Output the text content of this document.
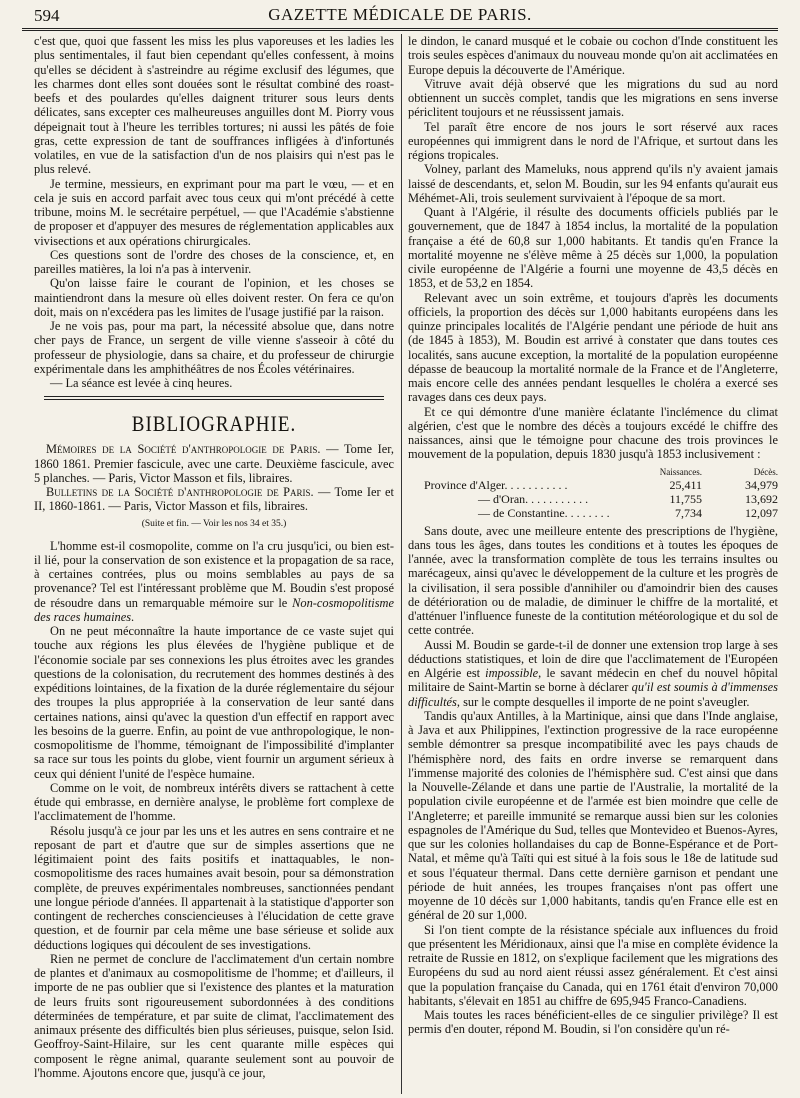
594	GAZETTE MÉDICALE DE PARIS.

c'est que, quoi que fassent les miss les plus vaporeuses et les ladies les plus sentimentales, il faut bien cependant qu'elles confessent, à moins qu'elles se décident à s'astreindre au régime exclusif des légumes, que les charmes dont elles sont douées sont le résultat combiné des roast-beefs et des poulardes qu'elles daignent triturer sous leurs dents délicates, sans excepter ces malheureuses anguilles dont M. Piorry vous dépeignait tout à l'heure les terribles tortures; ni aussi les pâtés de foie gras, cette expression de tant de souffrances infligées à d'infortunés volatiles, en vue de la satisfaction d'un de nos plaisirs qui n'est pas le plus relevé.

Je termine, messieurs, en exprimant pour ma part le vœu, — et en cela je suis en accord parfait avec tous ceux qui m'ont précédé à cette tribune, moins M. le secrétaire perpétuel, — que l'Académie s'abstienne de proposer et d'appuyer des mesures de réglementation applicables aux vivisections et aux opérations chirurgicales.

Ces questions sont de l'ordre des choses de la conscience, et, en pareilles matières, la loi n'a pas à intervenir.

Qu'on laisse faire le courant de l'opinion, et les choses se maintiendront dans la mesure où elles doivent rester. On fera ce qu'on doit, mais on n'excédera pas les limites de l'usage justifié par la raison.

Je ne vois pas, pour ma part, la nécessité absolue que, dans notre cher pays de France, un sergent de ville vienne s'asseoir à côté du professeur de physiologie, dans sa chaire, et du professeur de chirurgie expérimentale dans les amphithéâtres de nos Écoles vétérinaires.

— La séance est levée à cinq heures.

BIBLIOGRAPHIE.

Mémoires de la Société d'anthropologie de Paris. — Tome Ier, 1860 1861. Premier fascicule, avec une carte. Deuxième fascicule, avec 5 planches. — Paris, Victor Masson et fils, libraires.

Bulletins de la Société d'anthropologie de Paris. — Tome Ier et II, 1860-1861. — Paris, Victor Masson et fils, libraires.

(Suite et fin. — Voir les nos 34 et 35.)

L'homme est-il cosmopolite, comme on l'a cru jusqu'ici, ou bien est-il lié, pour la conservation de son existence et la propagation de sa race, à certaines contrées, plus ou moins semblables au pays de sa provenance? Tel est l'intéressant problème que M. Boudin s'est proposé de résoudre dans un remarquable mémoire sur le Non-cosmopolitisme des races humaines.

On ne peut méconnaître la haute importance de ce vaste sujet qui touche aux régions les plus élevées de l'hygiène publique et de l'économie sociale par ses connexions les plus étroites avec les grandes questions de la colonisation, du recrutement des hommes destinés à des expéditions lointaines, de la fixation de la durée réglementaire du séjour des troupes la plus appropriée à la conservation de leur santé dans certaines nations, ainsi qu'avec la question d'un effectif en rapport avec les besoins de la guerre. Enfin, au point de vue anthropologique, le non-cosmopolitisme de l'homme, témoignant de l'impossibilité d'implanter sa race sur tous les points du globe, vient fournir un argument sérieux à ceux qui dénient l'unité de l'espèce humaine.

Comme on le voit, de nombreux intérêts divers se rattachent à cette étude qui embrasse, en dernière analyse, le problème fort complexe de l'acclimatement de l'homme.

Résolu jusqu'à ce jour par les uns et les autres en sens contraire et ne reposant de part et d'autre que sur de simples assertions que ne légitimaient point des faits positifs et inattaquables, le non-cosmopolitisme des races humaines avait besoin, pour sa démonstration complète, de preuves expérimentales nombreuses, sanctionnées pendant une longue période d'années. Il appartenait à la statistique d'apporter son contingent de recherches consciencieuses à l'élucidation de cette grave question, et de fournir par cela même une base sérieuse et solide aux déductions logiques qui découlent de ses investigations.

Rien ne permet de conclure de l'acclimatement d'un certain nombre de plantes et d'animaux au cosmopolitisme de l'homme; et d'ailleurs, il importe de ne pas oublier que si l'existence des plantes et la maturation de leurs fruits sont rigoureusement subordonnées à des conditions déterminées de température, et par suite de climat, l'acclimatement des animaux présente des difficultés bien plus sérieuses, puisque, selon Isid. Geoffroy-Saint-Hilaire, sur les cent quarante mille espèces qui composent le règne animal, quarante seulement sont au pouvoir de l'homme. Ajoutons encore que, jusqu'à ce jour,

le dindon, le canard musqué et le cobaie ou cochon d'Inde constituent les trois seules espèces d'animaux du nouveau monde qu'on ait acclimatées en Europe depuis la découverte de l'Amérique.

Vitruve avait déjà observé que les migrations du sud au nord obtiennent un succès complet, tandis que les migrations en sens inverse périclitent toujours et ne réussissent jamais.

Tel paraît être encore de nos jours le sort réservé aux races européennes qui immigrent dans le nord de l'Afrique, et surtout dans les régions tropicales.

Volney, parlant des Mameluks, nous apprend qu'ils n'y avaient jamais laissé de descendants, et, selon M. Boudin, sur les 94 enfants qu'aurait eus Méhémet-Ali, trois seulement survivaient à l'époque de sa mort.

Quant à l'Algérie, il résulte des documents officiels publiés par le gouvernement, que de 1847 à 1854 inclus, la mortalité de la population française a été de 60,8 sur 1,000 habitants. Et tandis qu'en France la mortalité moyenne ne s'élève même à 25 décès sur 1,000, la population civile européenne de l'Algérie a fourni une moyenne de 43,5 décès en 1853, et de 53,2 en 1854.

Relevant avec un soin extrême, et toujours d'après les documents officiels, la proportion des décès sur 1,000 habitants européens dans les quinze principales localités de l'Algérie pendant une période de huit ans (de 1845 à 1853), M. Boudin est arrivé à constater que dans toutes ces localités, sans aucune exception, la mortalité de la population européenne dépasse de beaucoup la mortalité normale de la France et de l'Angleterre, mais encore celle des années pendant lesquelles le choléra a exercé ses ravages dans ces deux pays.

Et ce qui démontre d'une manière éclatante l'inclémence du climat algérien, c'est que le nombre des décès a toujours excédé le chiffre des naissances, ainsi que le témoigne pour chacune des trois provinces le mouvement de la population, depuis 1830 jusqu'à 1853 inclusivement :

Naissances.	Décès.
Province d'Alger. . . . . . . . . . .	25,411	34,979
— d'Oran. . . . . . . . . . .	11,755	13,692
— de Constantine. . . . . . . .	7,734	12,097

Sans doute, avec une meilleure entente des prescriptions de l'hygiène, dans tous les âges, dans toutes les conditions et à toutes les époques de l'année, avec la transformation complète de tous les terrains insultes ou marécageux, ainsi qu'avec le développement de la culture et les progrès de la civilisation, il sera possible d'annihiler ou d'amoindrir bien des causes de détérioration ou de maladie, de diminuer le chiffre de la mortalité, et d'atténuer l'influence funeste de la contitution météorologique et du sol de cette contrée.

Aussi M. Boudin se garde-t-il de donner une extension trop large à ses déductions statistiques, et loin de dire que l'acclimatement de l'Européen en Algérie est impossible, le savant médecin en chef du nouvel hôpital militaire de Saint-Martin se borne à déclarer qu'il est soumis à d'immenses difficultés, sur le compte desquelles il importe de ne point s'aveugler.

Tandis qu'aux Antilles, à la Martinique, ainsi que dans l'Inde anglaise, à Java et aux Philippines, l'extinction progressive de la race européenne semble démontrer sa presque incompatibilité avec les pays chauds de l'hémisphère nord, des faits en ordre inverse se remarquent dans l'immense majorité des colonies de l'hémisphère sud. C'est ainsi que dans la Nouvelle-Zélande et dans une partie de l'Australie, la mortalité de la population civile européenne et de l'armée est bien moindre que celle de l'Angleterre; et pareille immunité se remarque aussi bien sur les colonies espagnoles de l'Amérique du Sud, telles que Montevideo et Buenos-Ayres, que sur les colonies hollandaises du cap de Bonne-Espérance et de Port-Natal, et même qu'à Taïti qui est situé à la fois sous le 18e de latitude sud et sous l'équateur thermal. Dans cette dernière garnison et pendant une période de huit années, les troupes françaises n'ont pas offert une moyenne de 10 décès sur 1,000 habitants, tandis qu'en France elle est en général de 20 sur 1,000.

Si l'on tient compte de la résistance spéciale aux influences du froid que présentent les Méridionaux, ainsi que l'a mise en complète évidence la retraite de Russie en 1812, on s'explique facilement que les migrations des Européens du sud au nord aient réussi assez généralement. Et c'est ainsi que la population française du Canada, qui en 1761 était d'environ 70,000 habitants, s'élevait en 1851 au chiffre de 695,945 Franco-Canadiens.

Mais toutes les races bénéficient-elles de ce singulier privilège? Il est permis d'en douter, répond M. Boudin, si l'on considère qu'un ré-
